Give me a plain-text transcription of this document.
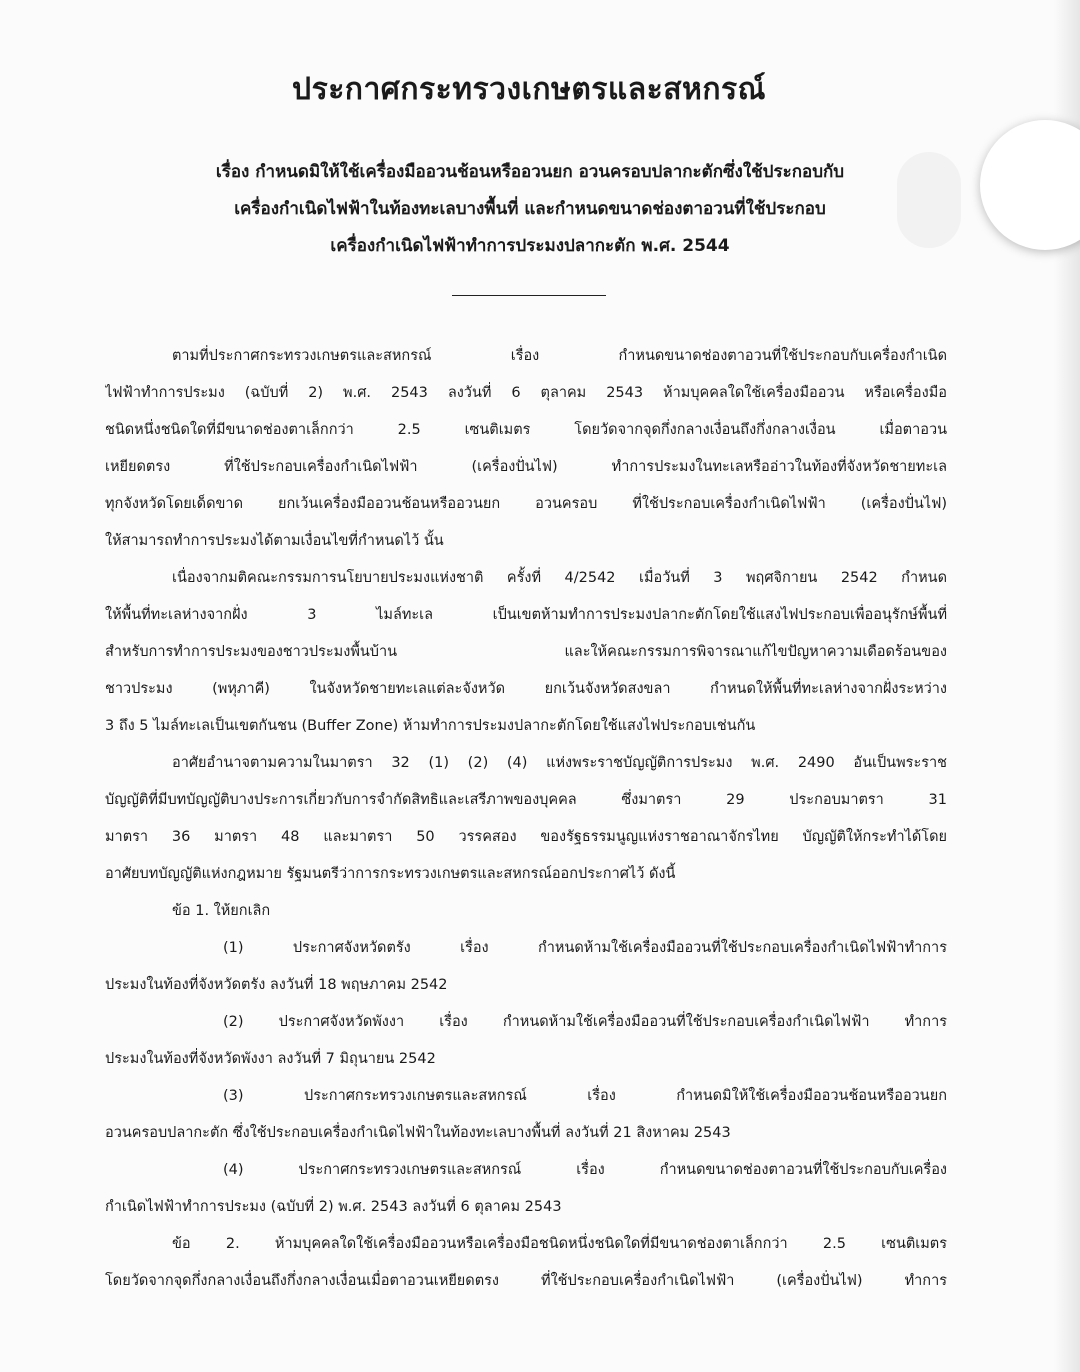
ประกาศกระทรวงเกษตรและสหกรณ์
เรื่อง กำหนดมิให้ใช้เครื่องมืออวนช้อนหรืออวนยก อวนครอบปลากะตักซึ่งใช้ประกอบกับ
เครื่องกำเนิดไฟฟ้าในท้องทะเลบางพื้นที่ และกำหนดขนาดช่องตาอวนที่ใช้ประกอบ
เครื่องกำเนิดไฟฟ้าทำการประมงปลากะตัก พ.ศ. 2544
ตามที่ประกาศกระทรวงเกษตรและสหกรณ์ เรื่อง กำหนดขนาดช่องตาอวนที่ใช้ประกอบกับเครื่องกำเนิด
ไฟฟ้าทำการประมง (ฉบับที่ 2) พ.ศ. 2543 ลงวันที่ 6 ตุลาคม 2543 ห้ามบุคคลใดใช้เครื่องมืออวน หรือเครื่องมือ
ชนิดหนึ่งชนิดใดที่มีขนาดช่องตาเล็กกว่า 2.5 เซนติเมตร โดยวัดจากจุดกึ่งกลางเงื่อนถึงกึ่งกลางเงื่อน เมื่อตาอวน
เหยียดตรง ที่ใช้ประกอบเครื่องกำเนิดไฟฟ้า (เครื่องปั่นไฟ) ทำการประมงในทะเลหรืออ่าวในท้องที่จังหวัดชายทะเล
ทุกจังหวัดโดยเด็ดขาด ยกเว้นเครื่องมืออวนช้อนหรืออวนยก อวนครอบ ที่ใช้ประกอบเครื่องกำเนิดไฟฟ้า (เครื่องปั่นไฟ)
ให้สามารถทำการประมงได้ตามเงื่อนไขที่กำหนดไว้ นั้น
เนื่องจากมติคณะกรรมการนโยบายประมงแห่งชาติ ครั้งที่ 4/2542 เมื่อวันที่ 3 พฤศจิกายน 2542 กำหนด
ให้พื้นที่ทะเลห่างจากฝั่ง 3 ไมล์ทะเล เป็นเขตห้ามทำการประมงปลากะตักโดยใช้แสงไฟประกอบเพื่ออนุรักษ์พื้นที่
สำหรับการทำการประมงของชาวประมงพื้นบ้าน และให้คณะกรรมการพิจารณาแก้ไขปัญหาความเดือดร้อนของ
ชาวประมง (พหุภาคี) ในจังหวัดชายทะเลแต่ละจังหวัด ยกเว้นจังหวัดสงขลา กำหนดให้พื้นที่ทะเลห่างจากฝั่งระหว่าง
3 ถึง 5 ไมล์ทะเลเป็นเขตกันชน (Buffer Zone) ห้ามทำการประมงปลากะตักโดยใช้แสงไฟประกอบเช่นกัน
อาศัยอำนาจตามความในมาตรา 32 (1) (2) (4) แห่งพระราชบัญญัติการประมง พ.ศ. 2490 อันเป็นพระราช
บัญญัติที่มีบทบัญญัติบางประการเกี่ยวกับการจำกัดสิทธิและเสรีภาพของบุคคล ซึ่งมาตรา 29 ประกอบมาตรา 31
มาตรา 36 มาตรา 48 และมาตรา 50 วรรคสอง ของรัฐธรรมนูญแห่งราชอาณาจักรไทย บัญญัติให้กระทำได้โดย
อาศัยบทบัญญัติแห่งกฎหมาย รัฐมนตรีว่าการกระทรวงเกษตรและสหกรณ์ออกประกาศไว้ ดังนี้
ข้อ 1. ให้ยกเลิก
(1) ประกาศจังหวัดตรัง เรื่อง กำหนดห้ามใช้เครื่องมืออวนที่ใช้ประกอบเครื่องกำเนิดไฟฟ้าทำการ
ประมงในท้องที่จังหวัดตรัง ลงวันที่ 18 พฤษภาคม 2542
(2) ประกาศจังหวัดพังงา เรื่อง กำหนดห้ามใช้เครื่องมืออวนที่ใช้ประกอบเครื่องกำเนิดไฟฟ้า ทำการ
ประมงในท้องที่จังหวัดพังงา ลงวันที่ 7 มิถุนายน 2542
(3) ประกาศกระทรวงเกษตรและสหกรณ์ เรื่อง กำหนดมิให้ใช้เครื่องมืออวนช้อนหรืออวนยก
อวนครอบปลากะตัก ซึ่งใช้ประกอบเครื่องกำเนิดไฟฟ้าในท้องทะเลบางพื้นที่ ลงวันที่ 21 สิงหาคม 2543
(4) ประกาศกระทรวงเกษตรและสหกรณ์ เรื่อง กำหนดขนาดช่องตาอวนที่ใช้ประกอบกับเครื่อง
กำเนิดไฟฟ้าทำการประมง (ฉบับที่ 2) พ.ศ. 2543 ลงวันที่ 6 ตุลาคม 2543
ข้อ 2. ห้ามบุคคลใดใช้เครื่องมืออวนหรือเครื่องมือชนิดหนึ่งชนิดใดที่มีขนาดช่องตาเล็กกว่า 2.5 เซนติเมตร
โดยวัดจากจุดกึ่งกลางเงื่อนถึงกึ่งกลางเงื่อนเมื่อตาอวนเหยียดตรง ที่ใช้ประกอบเครื่องกำเนิดไฟฟ้า (เครื่องปั่นไฟ) ทำการ
